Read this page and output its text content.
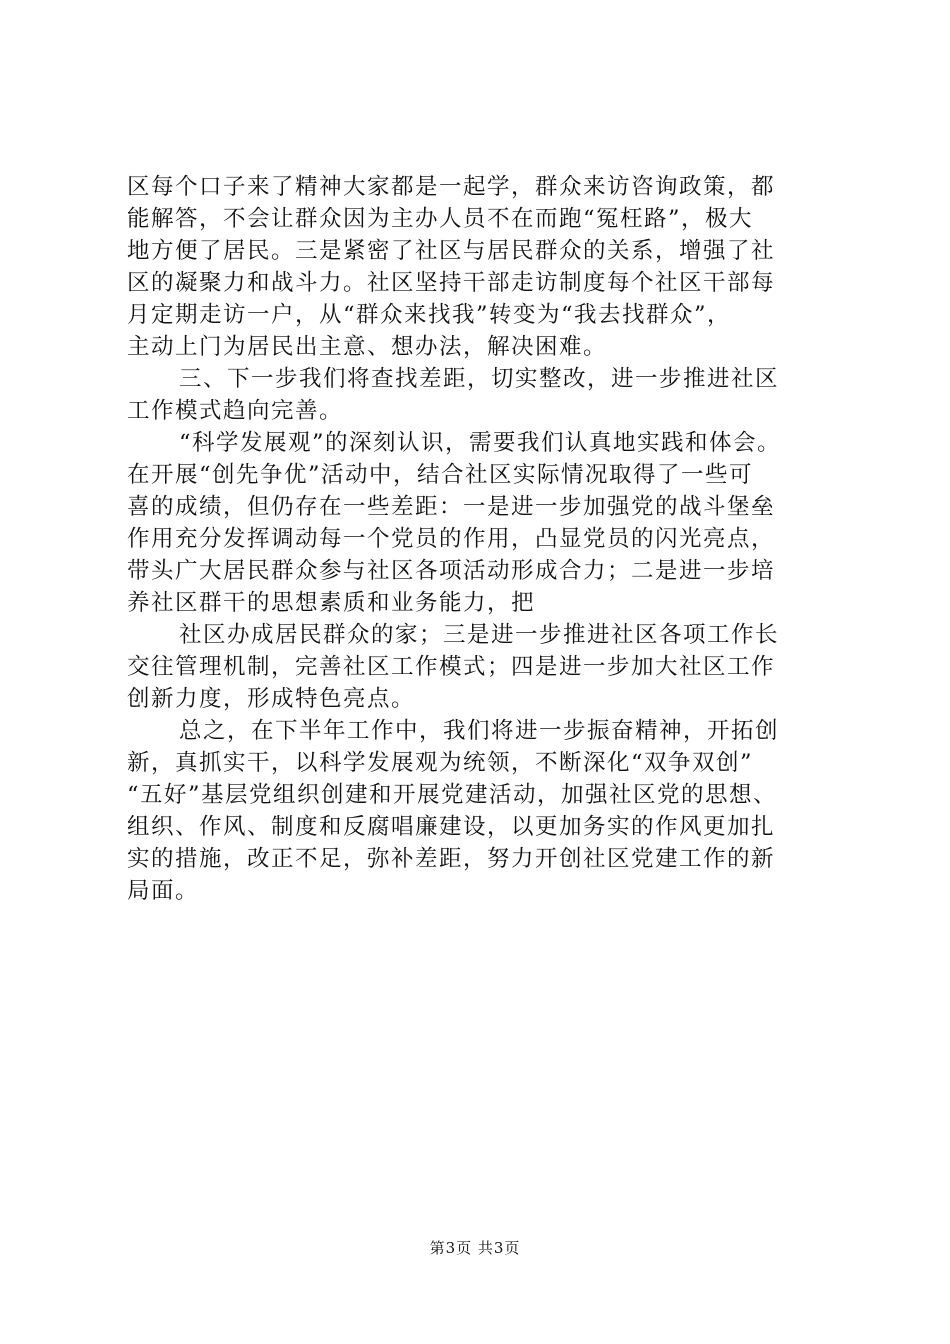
区每个口子来了精神大家都是一起学，群众来访咨询政策，都
能解答，不会让群众因为主办人员不在而跑“冤枉路”，极大
地方便了居民。三是紧密了社区与居民群众的关系，增强了社
区的凝聚力和战斗力。社区坚持干部走访制度每个社区干部每
月定期走访一户，从“群众来找我”转变为“我去找群众”，
主动上门为居民出主意、想办法，解决困难。
三、下一步我们将查找差距，切实整改，进一步推进社区
工作模式趋向完善。
“科学发展观”的深刻认识，需要我们认真地实践和体会。
在开展“创先争优”活动中，结合社区实际情况取得了一些可
喜的成绩，但仍存在一些差距：一是进一步加强党的战斗堡垒
作用充分发挥调动每一个党员的作用，凸显党员的闪光亮点，
带头广大居民群众参与社区各项活动形成合力；二是进一步培
养社区群干的思想素质和业务能力，把
社区办成居民群众的家；三是进一步推进社区各项工作长
交往管理机制，完善社区工作模式；四是进一步加大社区工作
创新力度，形成特色亮点。
总之，在下半年工作中，我们将进一步振奋精神，开拓创
新，真抓实干，以科学发展观为统领，不断深化“双争双创”
“五好”基层党组织创建和开展党建活动，加强社区党的思想、
组织、作风、制度和反腐唱廉建设，以更加务实的作风更加扎
实的措施，改正不足，弥补差距，努力开创社区党建工作的新
局面。
第3页 共3页
